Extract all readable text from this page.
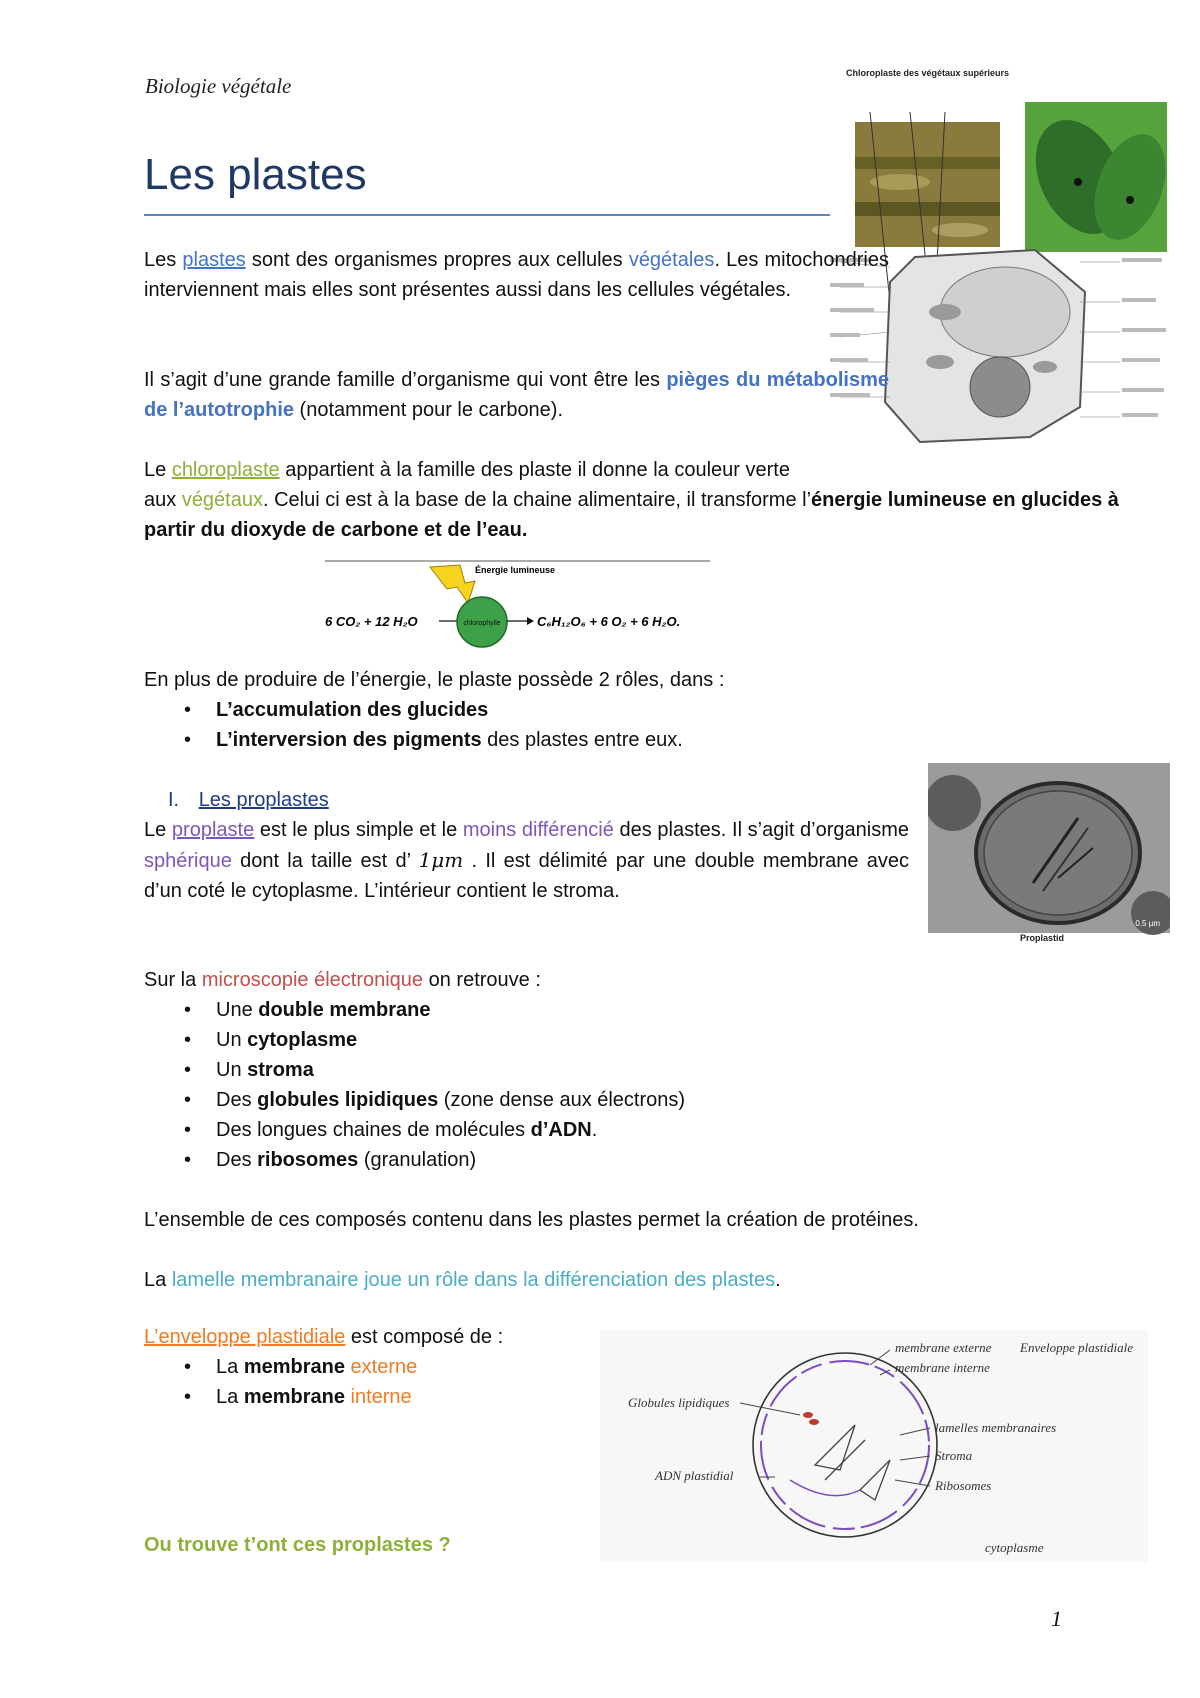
Biologie végétale
Les plastes
Chloroplaste des végétaux supérieurs
Les plastes sont des organismes propres aux cellules végétales. Les mitochondries interviennent mais elles sont présentes aussi dans les cellules végétales.
Il s’agit d’une grande famille d’organisme qui vont être les pièges du métabolisme de l’autotrophie (notamment pour le carbone).
Le chloroplaste appartient à la famille des plaste il donne la couleur verte
aux végétaux. Celui ci est à la base de la chaine alimentaire, il transforme l’énergie lumineuse en glucides à partir du dioxyde de carbone et de l’eau.
Énergie lumineuse
6 CO₂ + 12 H₂O	chlorophylle	C₆H₁₂O₆ + 6 O₂ + 6 H₂O.
En plus de produire de l’énergie, le plaste possède 2 rôles, dans :
• L’accumulation des glucides
• L’interversion des pigments des plastes entre eux.
0.5 µm
Proplastid
I. Les proplastes
Le proplaste est le plus simple et le moins différencié des plastes. Il s’agit d’organisme sphérique dont la taille est d’ 1μm . Il est délimité par une double membrane avec d’un coté le cytoplasme. L’intérieur contient le stroma.
Sur la microscopie électronique on retrouve :
• Une double membrane
• Un cytoplasme
• Un stroma
• Des globules lipidiques (zone dense aux électrons)
• Des longues chaines de molécules d’ADN.
• Des ribosomes (granulation)
L’ensemble de ces composés contenu dans les plastes permet la création de protéines.
La lamelle membranaire joue un rôle dans la différenciation des plastes.
L’enveloppe plastidiale est composé de :
• La membrane externe
• La membrane interne	Globules lipidiques
ADN plastidial
membrane externe
membrane interne
Enveloppe plastidiale
lamelles membranaires
Stroma
Ribosomes
cytoplasme
Ou trouve t’ont ces proplastes ?
1
